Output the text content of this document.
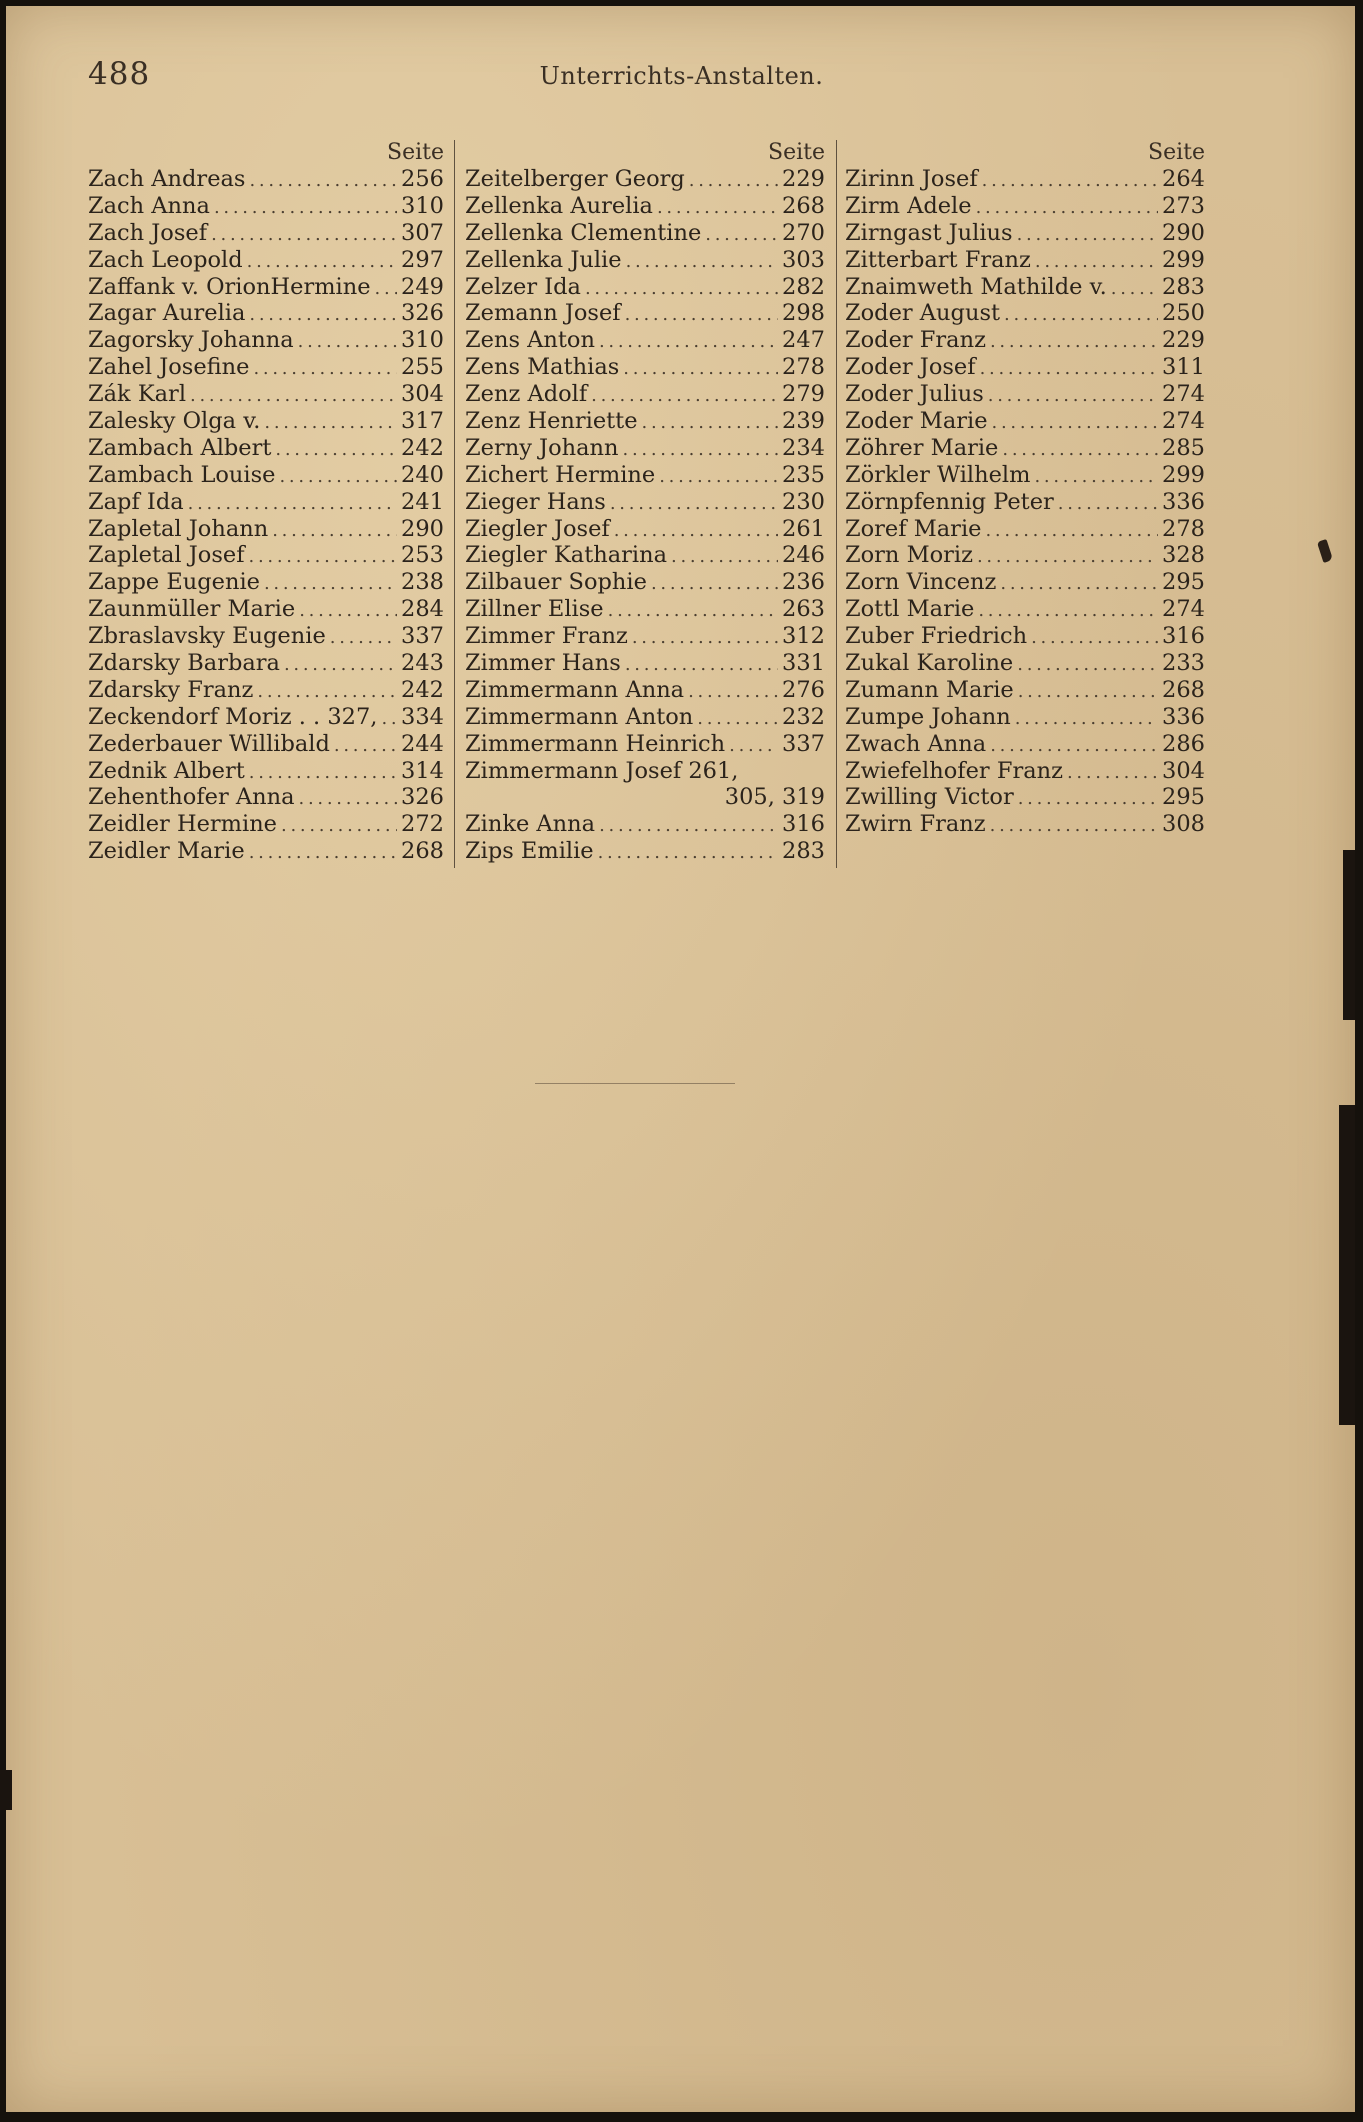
488	Unterrichts-Anstalten.
Seite
Zach Andreas . . .	256
Zach Anna . . .	310
Zach Josef . . .	307
Zach Leopold . . .	297
Zaffank v. OrionHermine . . . 249
Zagar Aurelia . . .	326
Zagorsky Johanna . . .	310
Zahel Josefine . . .	255
Zák Karl . . .	304
Zalesky Olga v. . . .	317
Zambach Albert . . .	242
Zambach Louise . . .	240
Zapf Ida . . .	241
Zapletal Johann . . .	290
Zapletal Josef . . .	253
Zappe Eugenie . . .	238
Zaunmüller Marie . . .	284
Zbraslavsky Eugenie . . .	337
Zdarsky Barbara . . .	243
Zdarsky Franz . . .	242
Zeckendorf Moriz . . 327, . . . 334
Zederbauer Willibald . . .	244
Zednik Albert . . .	314
Zehenthofer Anna . . .	326
Zeidler Hermine . . .	272
Zeidler Marie . . .	268
Seite
Zeitelberger Georg . . .	229
Zellenka Aurelia . . .	268
Zellenka Clementine . . .	270
Zellenka Julie . . .	303
Zelzer Ida . . .	282
Zemann Josef . . .	298
Zens Anton . . .	247
Zens Mathias . . .	278
Zenz Adolf . . .	279
Zenz Henriette . . .	239
Zerny Johann . . .	234
Zichert Hermine . . .	235
Zieger Hans . . .	230
Ziegler Josef . . .	261
Ziegler Katharina . . .	246
Zilbauer Sophie . . .	236
Zillner Elise . . .	263
Zimmer Franz . . .	312
Zimmer Hans . . .	331
Zimmermann Anna . . .	276
Zimmermann Anton . . .	232
Zimmermann Heinrich . . .	337
Zimmermann Josef 261,
305, 319
Zinke Anna . . .	316
Zips Emilie . . .	283
Seite
Zirinn Josef . . .	264
Zirm Adele . . .	273
Zirngast Julius . . .	290
Zitterbart Franz . . .	299
Znaimweth Mathilde v. . . . 283
Zoder August . . .	250
Zoder Franz . . .	229
Zoder Josef . . .	311
Zoder Julius . . .	274
Zoder Marie . . .	274
Zöhrer Marie . . .	285
Zörkler Wilhelm . . .	299
Zörnpfennig Peter . . .	336
Zoref Marie . . .	278
Zorn Moriz . . .	328
Zorn Vincenz . . .	295
Zottl Marie . . .	274
Zuber Friedrich . . .	316
Zukal Karoline . . .	233
Zumann Marie . . .	268
Zumpe Johann . . .	336
Zwach Anna . . .	286
Zwiefelhofer Franz . . .	304
Zwilling Victor . . .	295
Zwirn Franz . . .	308
